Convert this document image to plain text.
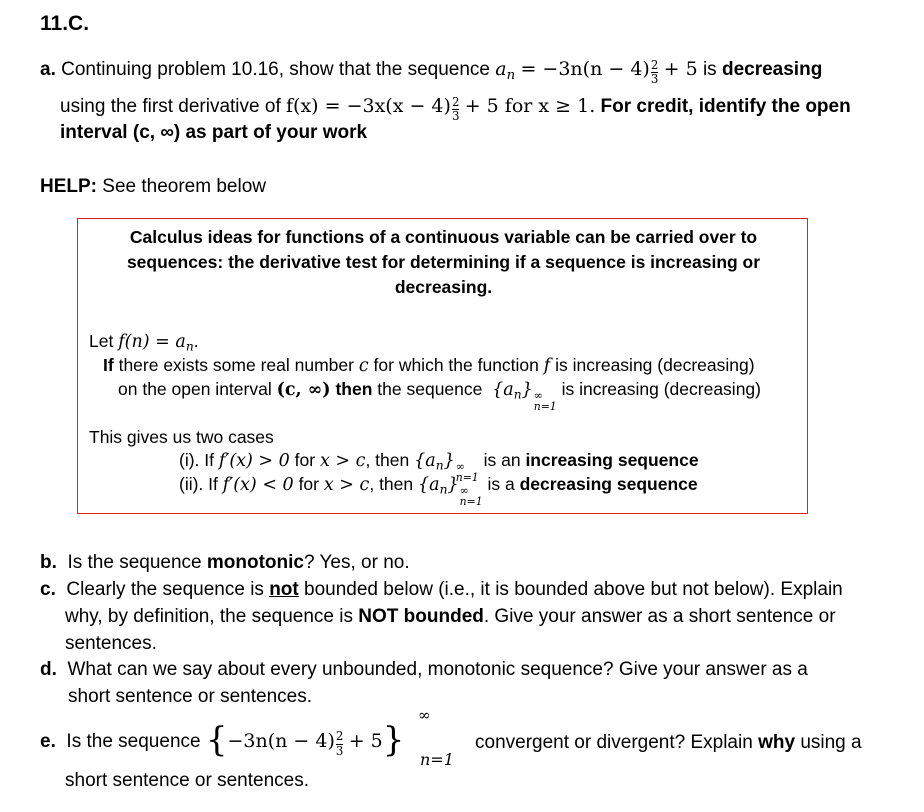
11.C.
a. Continuing problem 10.16, show that the sequence $a_n = -3n(n - 4) \frac{2}{3} + 5$ is decreasing
using the first derivative of $f(x) = -3x(x - 4) \frac{2}{3} + 5$ for x ≥ 1. For credit, identify the open
interval (c, ∞) as part of your work
HELP: See theorem below
Calculus ideas for functions of a continuous variable can be carried over to
sequences: the derivative test for determining if a sequence is increasing or
decreasing.
Let $f(n) = a_n$.
If there exists some real number c for which the function f is increasing (decreasing)
on the open interval (c, ∞) then the sequence $\{a_n\}$ ∞
n=1
is increasing (decreasing)
This gives us two cases
(i). If f′(x) > 0 for x > c, then $\{a_n\}$ ∞
n=1
is an increasing sequence
(ii). If f′(x) < 0 for x > c, then $\{a_n\}$ ∞
n=1
is a decreasing sequence
b. Is the sequence monotonic? Yes, or no.
c. Clearly the sequence is not bounded below (i.e., it is bounded above but not below). Explain
why, by definition, the sequence is NOT bounded. Give your answer as a short sentence or
sentences.
d. What can we say about every unbounded, monotonic sequence? Give your answer as a
short sentence or sentences.
e. Is the sequence $\{-3n(n - 4) \frac{2}{3} + 5\}$
∞
n=1
convergent or divergent? Explain why using a
short sentence or sentences.
